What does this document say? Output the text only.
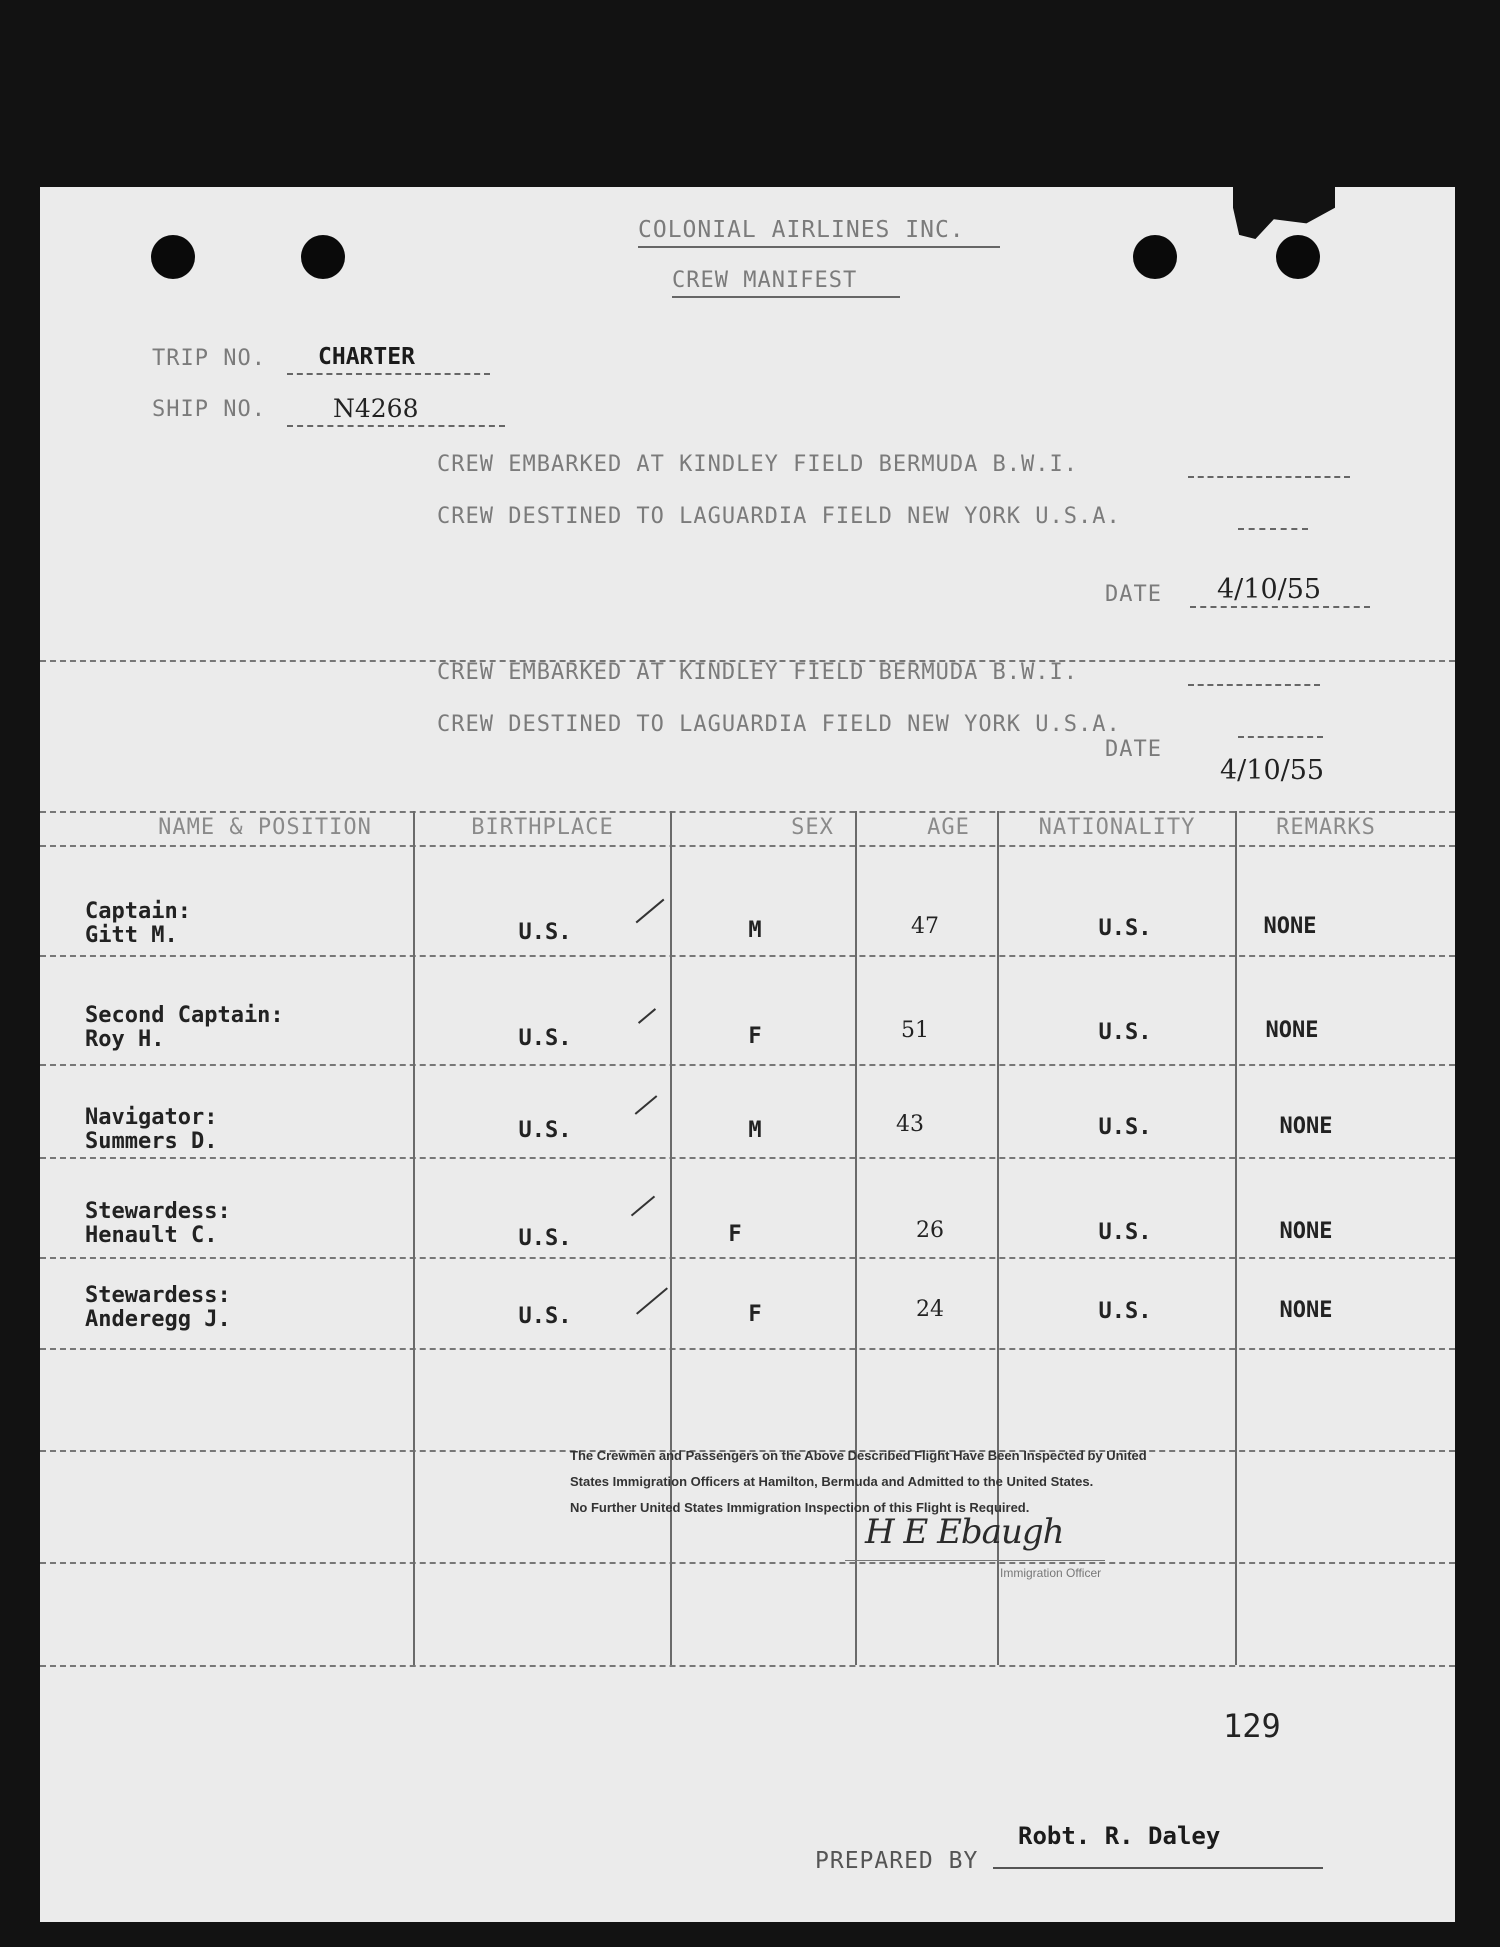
COLONIAL AIRLINES INC.
CREW MANIFEST
TRIP NO. CHARTER
SHIP NO.	N4268
CREW EMBARKED AT KINDLEY FIELD BERMUDA B.W.I.
CREW DESTINED TO LAGUARDIA FIELD NEW YORK U.S.A.
DATE 4/10/55
CREW EMBARKED AT KINDLEY FIELD BERMUDA B.W.I.
CREW DESTINED TO LAGUARDIA FIELD NEW YORK U.S.A.
DATE
4/10/55
NAME & POSITION	BIRTHPLACE	SEX	AGE	NATIONALITY	REMARKS
Captain:
Gitt M.	U.S.	M	47	U.S.	NONE
Second Captain:
Roy H.	U.S.	F	51	U.S.	NONE
Navigator:
Summers D.	U.S.	M	43	U.S.	NONE
Stewardess:
Henault C.	U.S.	F	26	U.S.	NONE
Stewardess:
Anderegg J.	U.S.	F	24	U.S.	NONE
The Crewmen and Passengers on the Above Described Flight Have Been Inspected by United
States Immigration Officers at Hamilton, Bermuda and Admitted to the United States.
No Further United States Immigration Inspection of this Flight is Required.
H E Ebaugh
Immigration Officer
129
PREPARED BY
Robt. R. Daley
